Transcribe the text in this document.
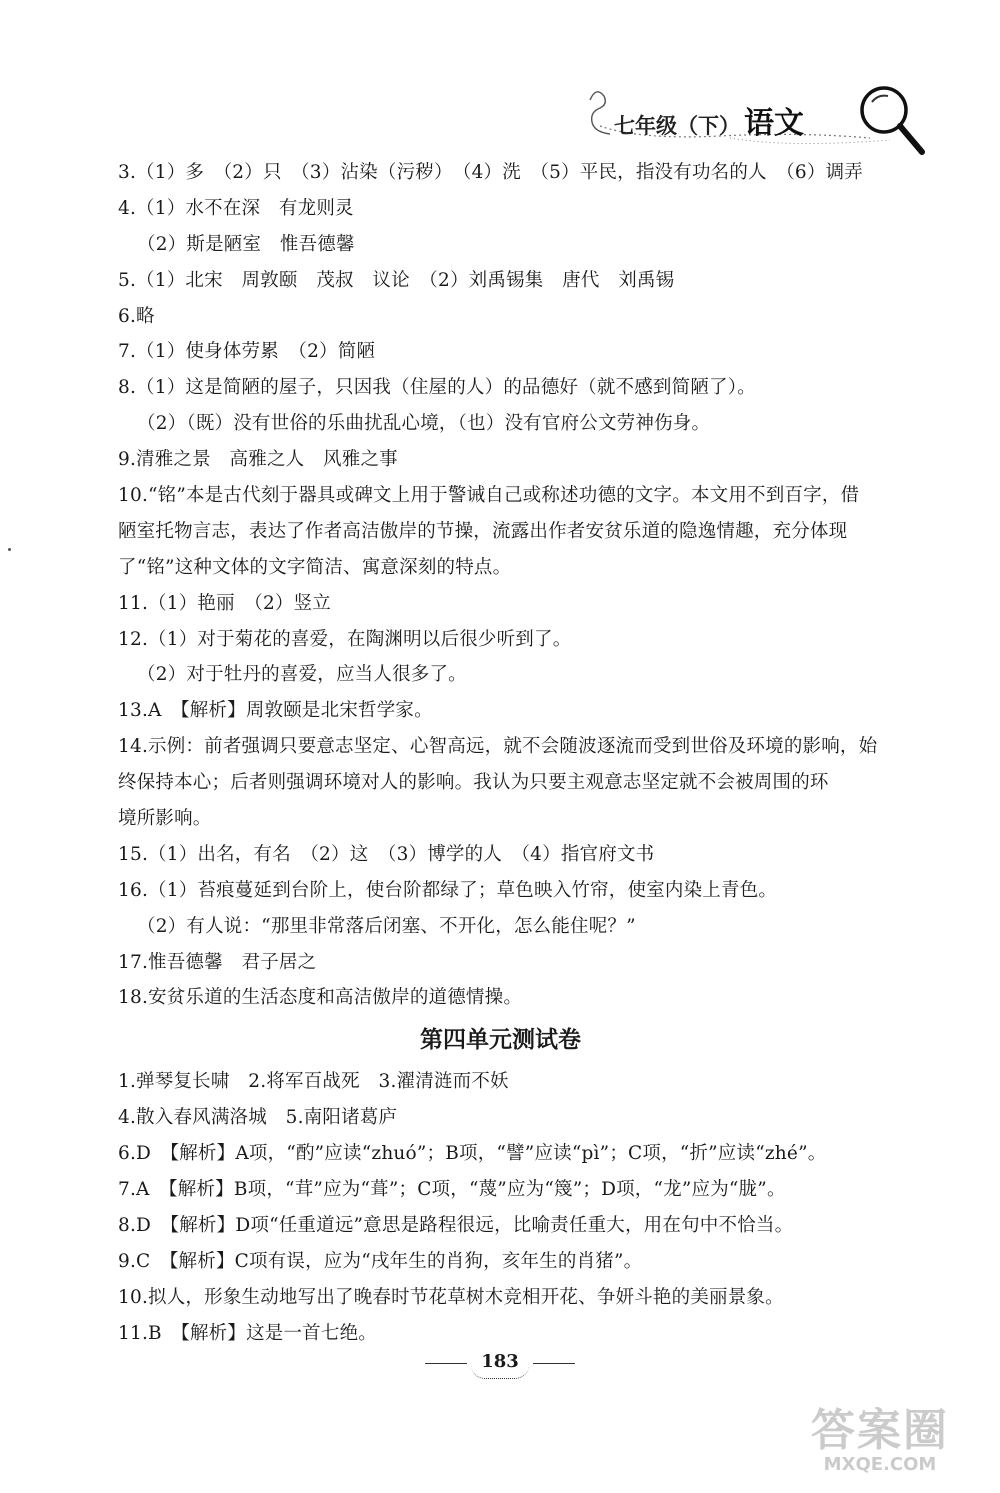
七年级（下） 语文
3.（1）多　（2）只　（3）沾染（污秽）　（4）洗　（5）平民，指没有功名的人　（6）调弄
4.（1）水不在深　有龙则灵
（2）斯是陋室　惟吾德馨
5.（1）北宋　周敦颐　茂叔　议论　（2）刘禹锡集　唐代　刘禹锡
6.略
7.（1）使身体劳累　（2）简陋
8.（1）这是简陋的屋子，只因我（住屋的人）的品德好（就不感到简陋了）。
（2）（既）没有世俗的乐曲扰乱心境，（也）没有官府公文劳神伤身。
9.清雅之景　高雅之人　风雅之事
10.“铭”本是古代刻于器具或碑文上用于警诫自己或称述功德的文字。本文用不到百字，借
陋室托物言志，表达了作者高洁傲岸的节操，流露出作者安贫乐道的隐逸情趣，充分体现
了“铭”这种文体的文字简洁、寓意深刻的特点。
11.（1）艳丽　（2）竖立
12.（1）对于菊花的喜爱，在陶渊明以后很少听到了。
（2）对于牡丹的喜爱，应当人很多了。
13.A　【解析】周敦颐是北宋哲学家。
14.示例：前者强调只要意志坚定、心智高远，就不会随波逐流而受到世俗及环境的影响，始
终保持本心；后者则强调环境对人的影响。我认为只要主观意志坚定就不会被周围的环
境所影响。
15.（1）出名，有名　（2）这　（3）博学的人　（4）指官府文书
16.（1）苔痕蔓延到台阶上，使台阶都绿了；草色映入竹帘，使室内染上青色。
（2）有人说：“那里非常落后闭塞、不开化，怎么能住呢？”
17.惟吾德馨　君子居之
18.安贫乐道的生活态度和高洁傲岸的道德情操。
第四单元测试卷
1.弹琴复长啸　2.将军百战死　3.濯清涟而不妖
4.散入春风满洛城　5.南阳诸葛庐
6.D　【解析】A项，“酌”应读“zhuó”；B项，“譬”应读“pì”；C项，“折”应读“zhé”。
7.A　【解析】B项，“茸”应为“葺”；C项，“蔑”应为“篾”；D项，“龙”应为“胧”。
8.D　【解析】D项“任重道远”意思是路程很远，比喻责任重大，用在句中不恰当。
9.C　【解析】C项有误，应为“戌年生的肖狗，亥年生的肖猪”。
10.拟人，形象生动地写出了晚春时节花草树木竞相开花、争妍斗艳的美丽景象。
11.B　【解析】这是一首七绝。
183
答案圈
MXQE.COM
